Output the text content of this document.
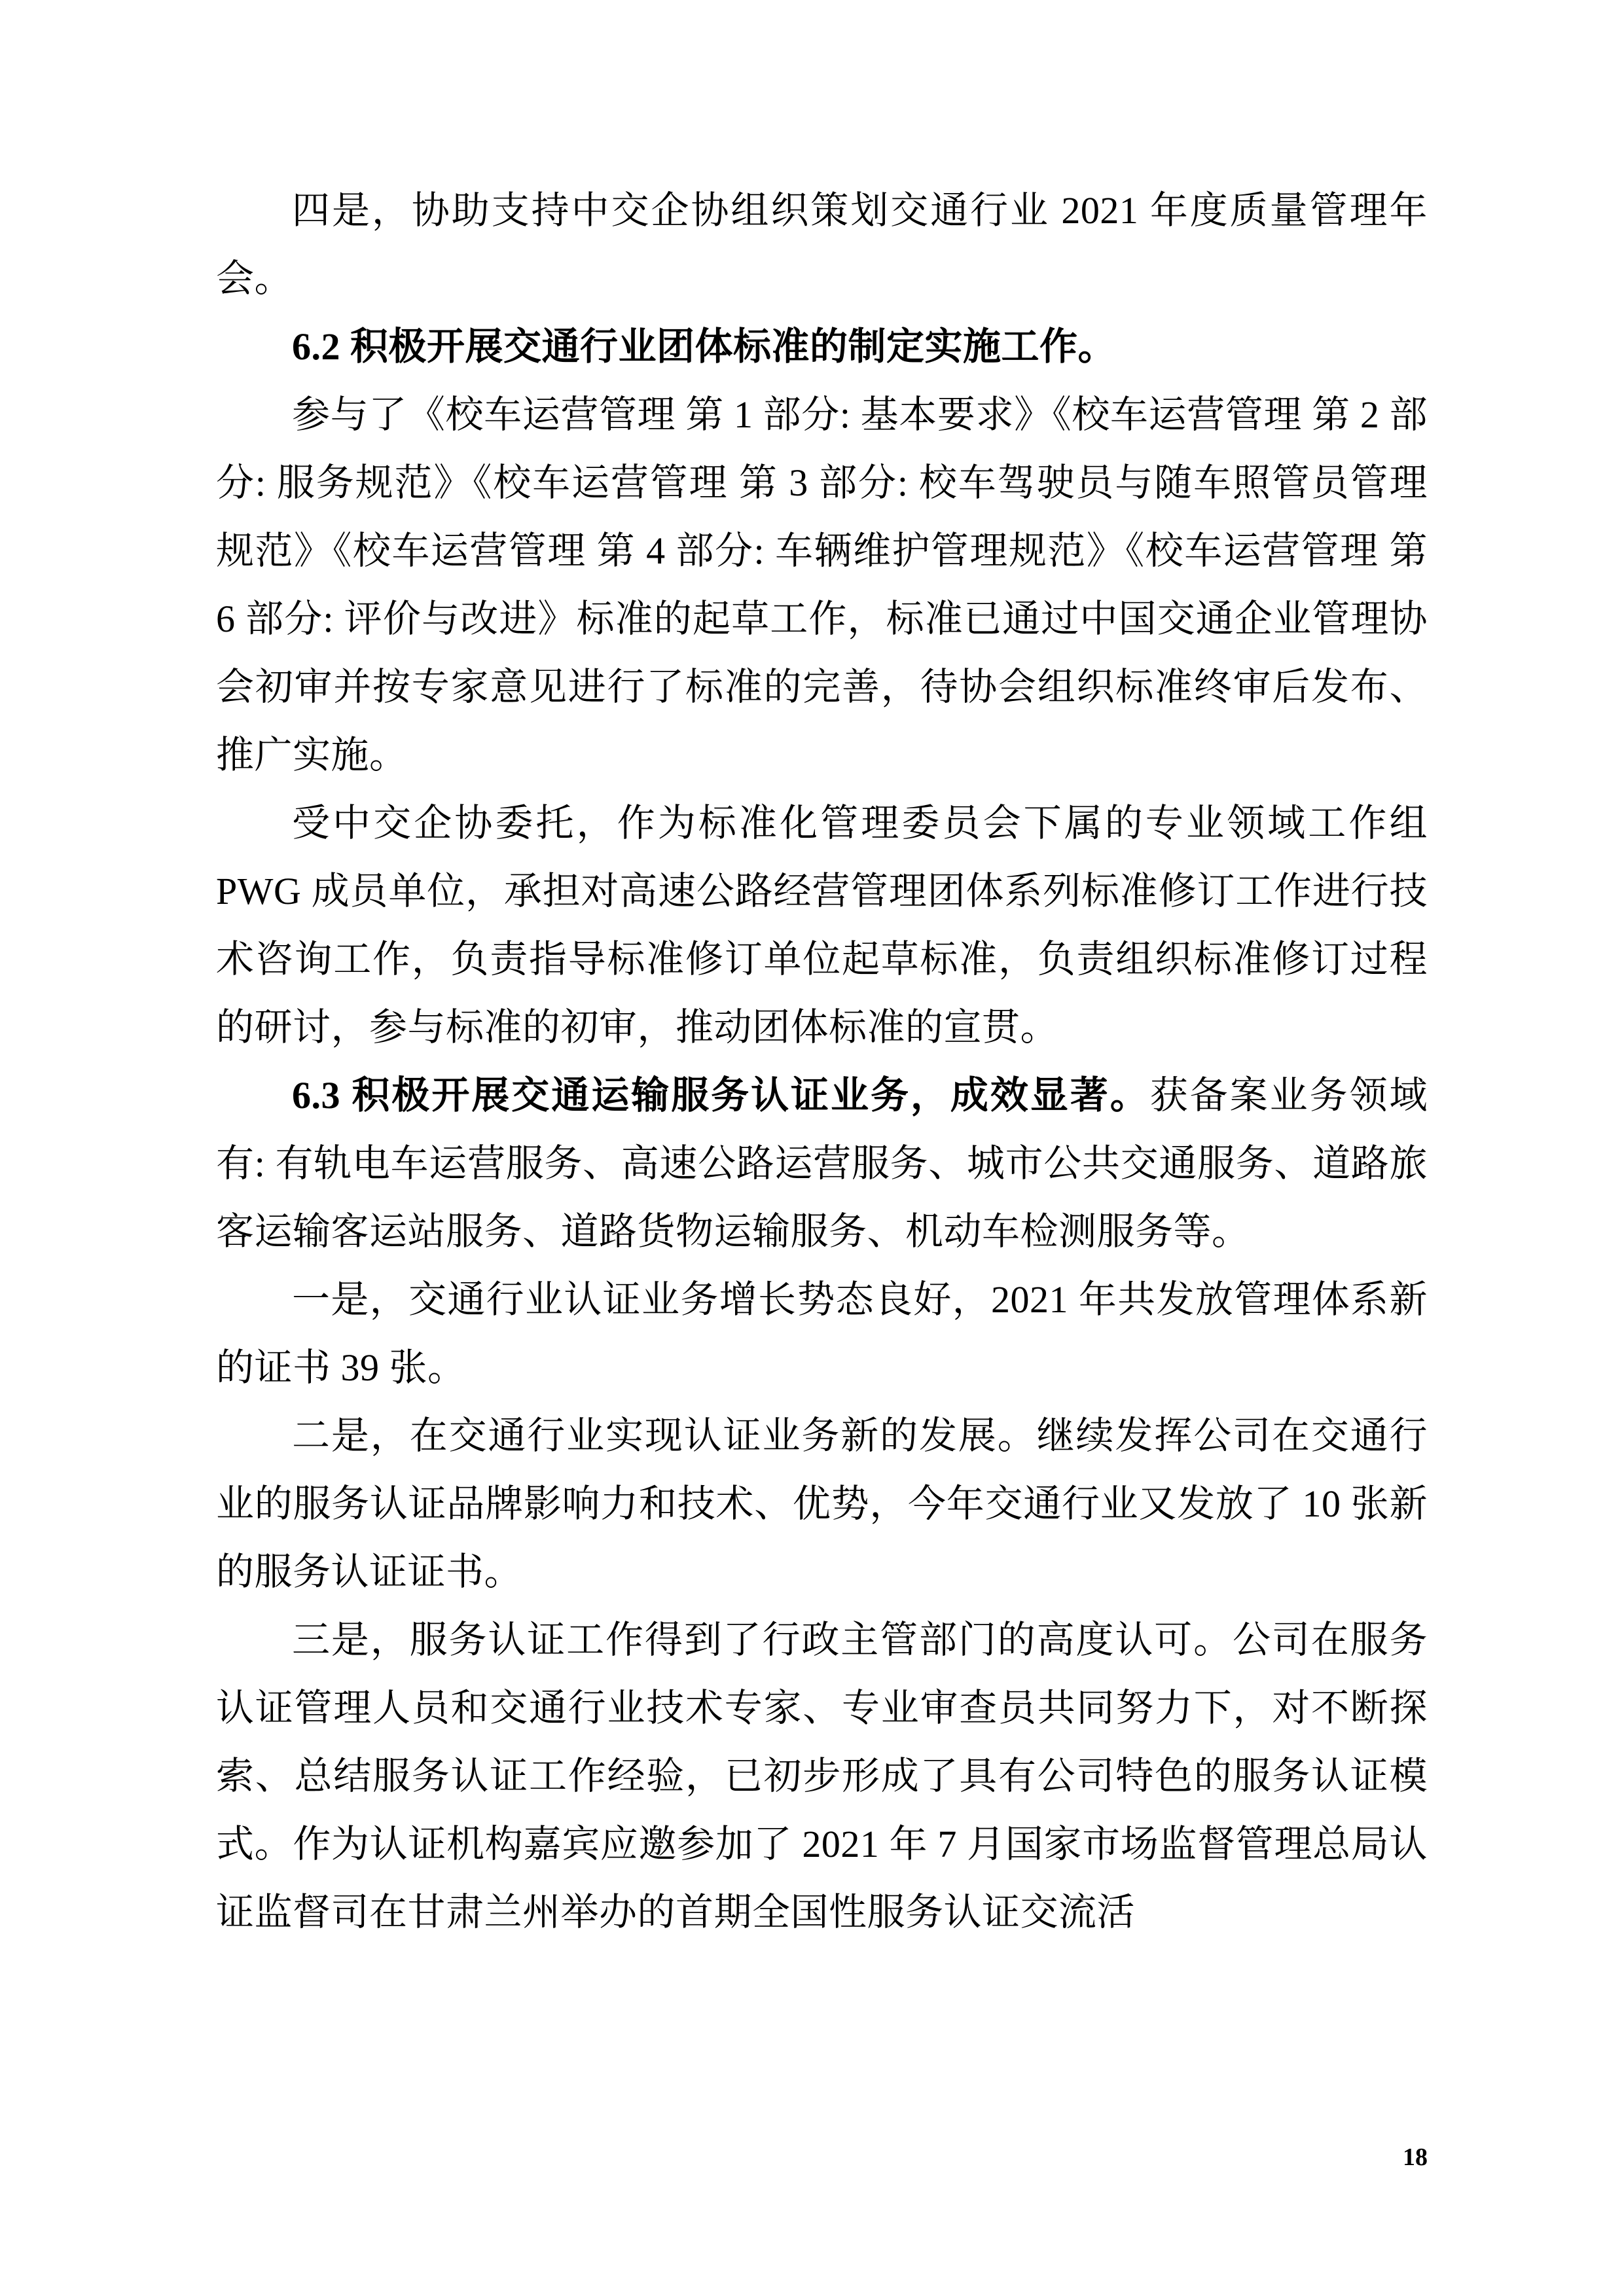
四是，协助支持中交企协组织策划交通行业 2021 年度质量管理年会。

6.2 积极开展交通行业团体标准的制定实施工作。

参与了《校车运营管理 第 1 部分: 基本要求》《校车运营管理 第 2 部分: 服务规范》《校车运营管理 第 3 部分: 校车驾驶员与随车照管员管理规范》《校车运营管理 第 4 部分: 车辆维护管理规范》《校车运营管理 第 6 部分: 评价与改进》标准的起草工作，标准已通过中国交通企业管理协会初审并按专家意见进行了标准的完善，待协会组织标准终审后发布、推广实施。

受中交企协委托，作为标准化管理委员会下属的专业领域工作组 PWG 成员单位，承担对高速公路经营管理团体系列标准修订工作进行技术咨询工作，负责指导标准修订单位起草标准，负责组织标准修订过程的研讨，参与标准的初审，推动团体标准的宣贯。

6.3 积极开展交通运输服务认证业务，成效显著。获备案业务领域有: 有轨电车运营服务、高速公路运营服务、城市公共交通服务、道路旅客运输客运站服务、道路货物运输服务、机动车检测服务等。

一是，交通行业认证业务增长势态良好，2021 年共发放管理体系新的证书 39 张。

二是，在交通行业实现认证业务新的发展。继续发挥公司在交通行业的服务认证品牌影响力和技术、优势，今年交通行业又发放了 10 张新的服务认证证书。

三是，服务认证工作得到了行政主管部门的高度认可。公司在服务认证管理人员和交通行业技术专家、专业审查员共同努力下，对不断探索、总结服务认证工作经验，已初步形成了具有公司特色的服务认证模式。作为认证机构嘉宾应邀参加了 2021 年 7 月国家市场监督管理总局认证监督司在甘肃兰州举办的首期全国性服务认证交流活

18
